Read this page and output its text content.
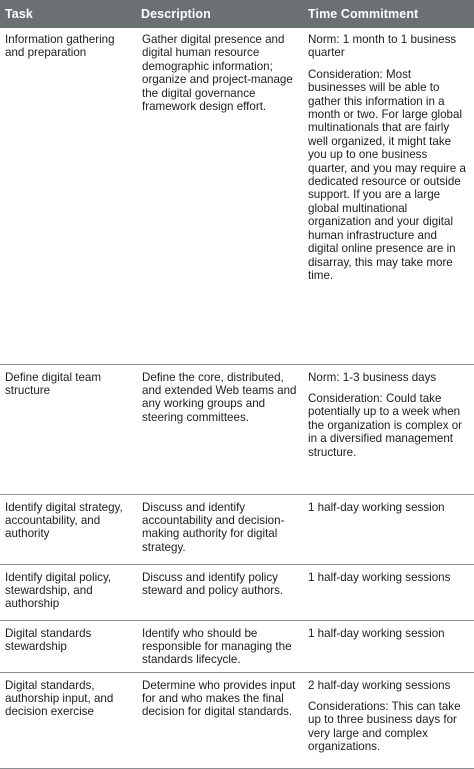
Task	Description	Time Commitment
Information gathering and preparation	Gather digital presence and digital human resource demographic information; organize and project-manage the digital governance framework design effort.	Norm: 1 month to 1 business quarter

Consideration: Most businesses will be able to gather this information in a month or two. For large global multinationals that are fairly well organized, it might take you up to one business quarter, and you may require a dedicated resource or outside support. If you are a large global multinational organization and your digital human infrastructure and digital online presence are in disarray, this may take more time.

Define digital team structure	Define the core, distributed, and extended Web teams and any working groups and steering committees.	Norm: 1-3 business days

Consideration: Could take potentially up to a week when the organization is complex or in a diversified management structure.

Identify digital strategy, accountability, and authority	Discuss and identify accountability and decision-making authority for digital strategy.	1 half-day working session

Identify digital policy, stewardship, and authorship	Discuss and identify policy steward and policy authors.	1 half-day working sessions

Digital standards stewardship	Identify who should be responsible for managing the standards lifecycle.	1 half-day working session

Digital standards, authorship input, and decision exercise	Determine who provides input for and who makes the final decision for digital standards.	2 half-day working sessions

Considerations: This can take up to three business days for very large and complex organizations.
